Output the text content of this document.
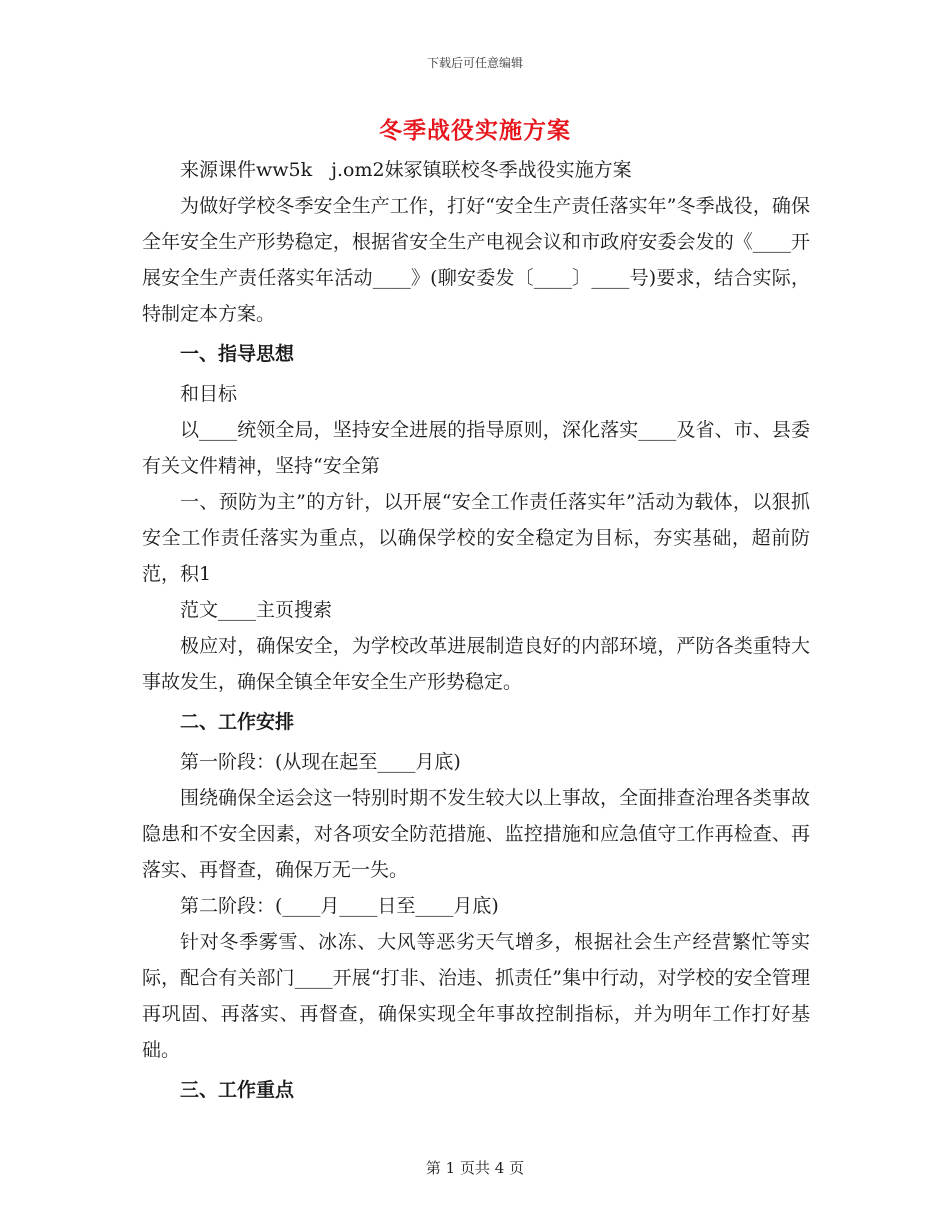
下载后可任意编辑
冬季战役实施方案

来源课件ww5k　j.om2妹冢镇联校冬季战役实施方案

为做好学校冬季安全生产工作，打好“安全生产责任落实年”冬季战役，确保全年安全生产形势稳定，根据省安全生产电视会议和市政府安委会发的《____开展安全生产责任落实年活动____》(聊安委发〔____〕____号)要求，结合实际，特制定本方案。

一、指导思想

和目标

以____统领全局，坚持安全进展的指导原则，深化落实____及省、市、县委有关文件精神，坚持“安全第

一、预防为主”的方针，以开展“安全工作责任落实年”活动为载体，以狠抓安全工作责任落实为重点，以确保学校的安全稳定为目标，夯实基础，超前防范，积1

范文____主页搜索

极应对，确保安全，为学校改革进展制造良好的内部环境，严防各类重特大事故发生，确保全镇全年安全生产形势稳定。

二、工作安排

第一阶段：(从现在起至____月底)

围绕确保全运会这一特别时期不发生较大以上事故，全面排查治理各类事故隐患和不安全因素，对各项安全防范措施、监控措施和应急值守工作再检查、再落实、再督查，确保万无一失。

第二阶段：(____月____日至____月底)

针对冬季雾雪、冰冻、大风等恶劣天气增多，根据社会生产经营繁忙等实际，配合有关部门____开展“打非、治违、抓责任”集中行动，对学校的安全管理再巩固、再落实、再督查，确保实现全年事故控制指标，并为明年工作打好基础。

三、工作重点

第 1 页共 4 页
